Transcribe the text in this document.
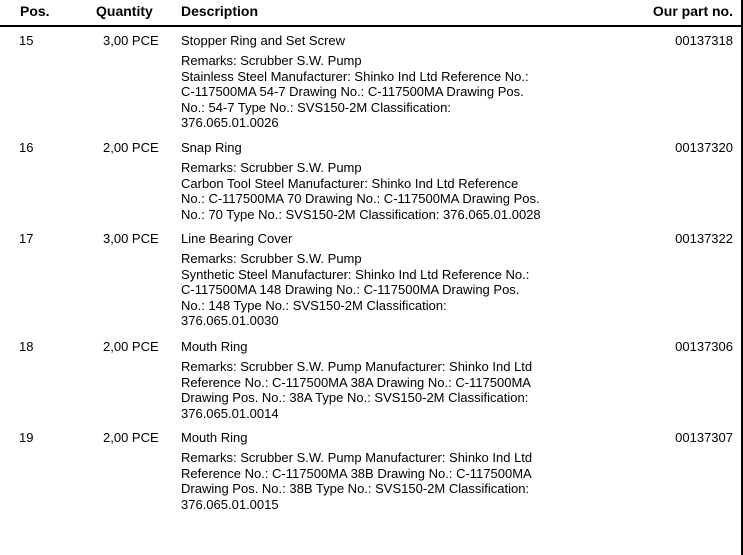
Pos.	Quantity Description	Our part no.
15	3,00 PCE Stopper Ring and Set Screw	00137318
Remarks: Scrubber S.W. Pump
Stainless Steel Manufacturer: Shinko Ind Ltd Reference No.:
C-117500MA 54-7 Drawing No.: C-117500MA Drawing Pos.
No.: 54-7 Type No.: SVS150-2M Classification:
376.065.01.0026
16	2,00 PCE Snap Ring	00137320
Remarks: Scrubber S.W. Pump
Carbon Tool Steel Manufacturer: Shinko Ind Ltd Reference
No.: C-117500MA 70 Drawing No.: C-117500MA Drawing Pos.
No.: 70 Type No.: SVS150-2M Classification: 376.065.01.0028
17	3,00 PCE Line Bearing Cover	00137322
Remarks: Scrubber S.W. Pump
Synthetic Steel Manufacturer: Shinko Ind Ltd Reference No.:
C-117500MA 148 Drawing No.: C-117500MA Drawing Pos.
No.: 148 Type No.: SVS150-2M Classification:
376.065.01.0030
18	2,00 PCE Mouth Ring	00137306
Remarks: Scrubber S.W. Pump Manufacturer: Shinko Ind Ltd
Reference No.: C-117500MA 38A Drawing No.: C-117500MA
Drawing Pos. No.: 38A Type No.: SVS150-2M Classification:
376.065.01.0014
19	2,00 PCE Mouth Ring	00137307
Remarks: Scrubber S.W. Pump Manufacturer: Shinko Ind Ltd
Reference No.: C-117500MA 38B Drawing No.: C-117500MA
Drawing Pos. No.: 38B Type No.: SVS150-2M Classification:
376.065.01.0015
